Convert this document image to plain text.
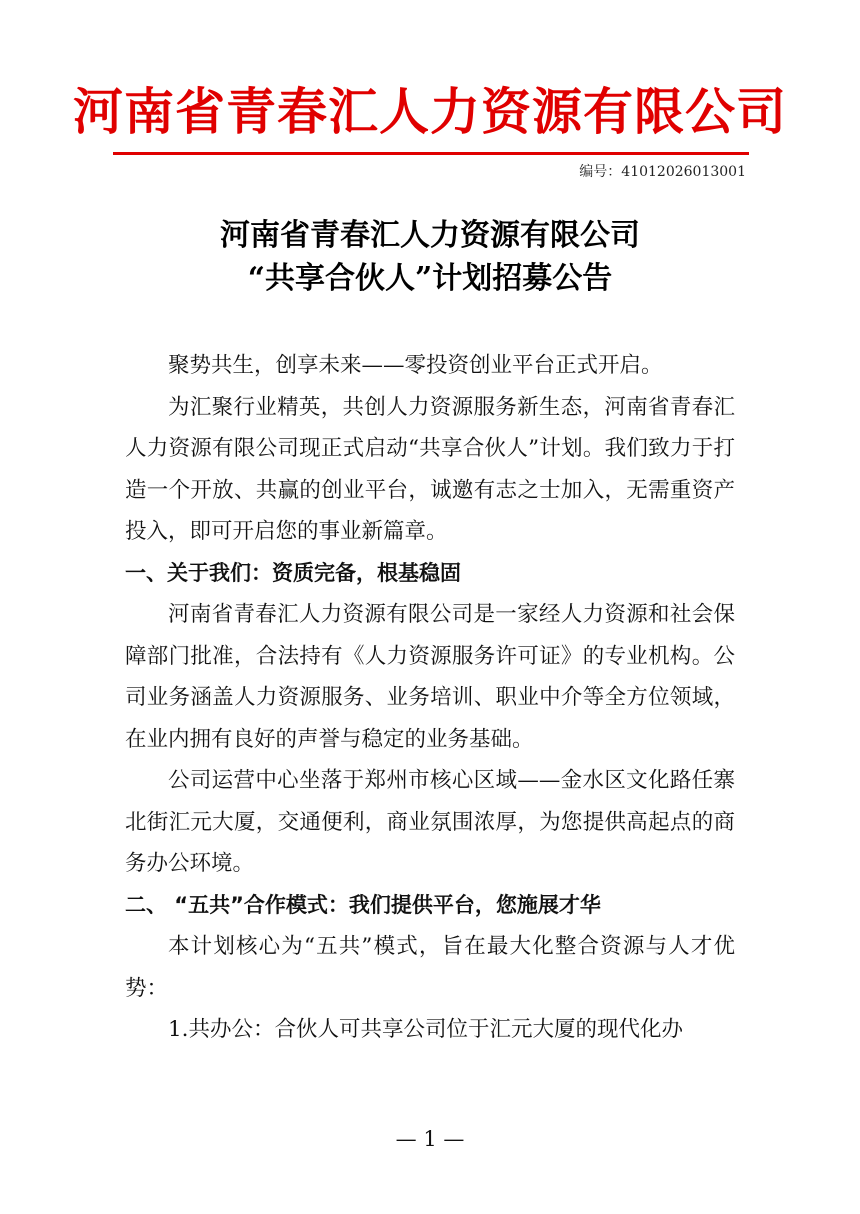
河南省青春汇人力资源有限公司
编号：41012026013001
河南省青春汇人力资源有限公司
“共享合伙人”计划招募公告

聚势共生，创享未来——零投资创业平台正式开启。

为汇聚行业精英，共创人力资源服务新生态，河南省青春汇人力资源有限公司现正式启动“共享合伙人”计划。我们致力于打造一个开放、共赢的创业平台，诚邀有志之士加入，无需重资产投入，即可开启您的事业新篇章。

一、关于我们：资质完备，根基稳固

河南省青春汇人力资源有限公司是一家经人力资源和社会保障部门批准，合法持有《人力资源服务许可证》的专业机构。公司业务涵盖人力资源服务、业务培训、职业中介等全方位领域，在业内拥有良好的声誉与稳定的业务基础。

公司运营中心坐落于郑州市核心区域——金水区文化路任寨北街汇元大厦，交通便利，商业氛围浓厚，为您提供高起点的商务办公环境。

二、 “五共”合作模式：我们提供平台，您施展才华

本计划核心为“五共”模式，旨在最大化整合资源与人才优势：

1.共办公：合伙人可共享公司位于汇元大厦的现代化办

— 1 —
